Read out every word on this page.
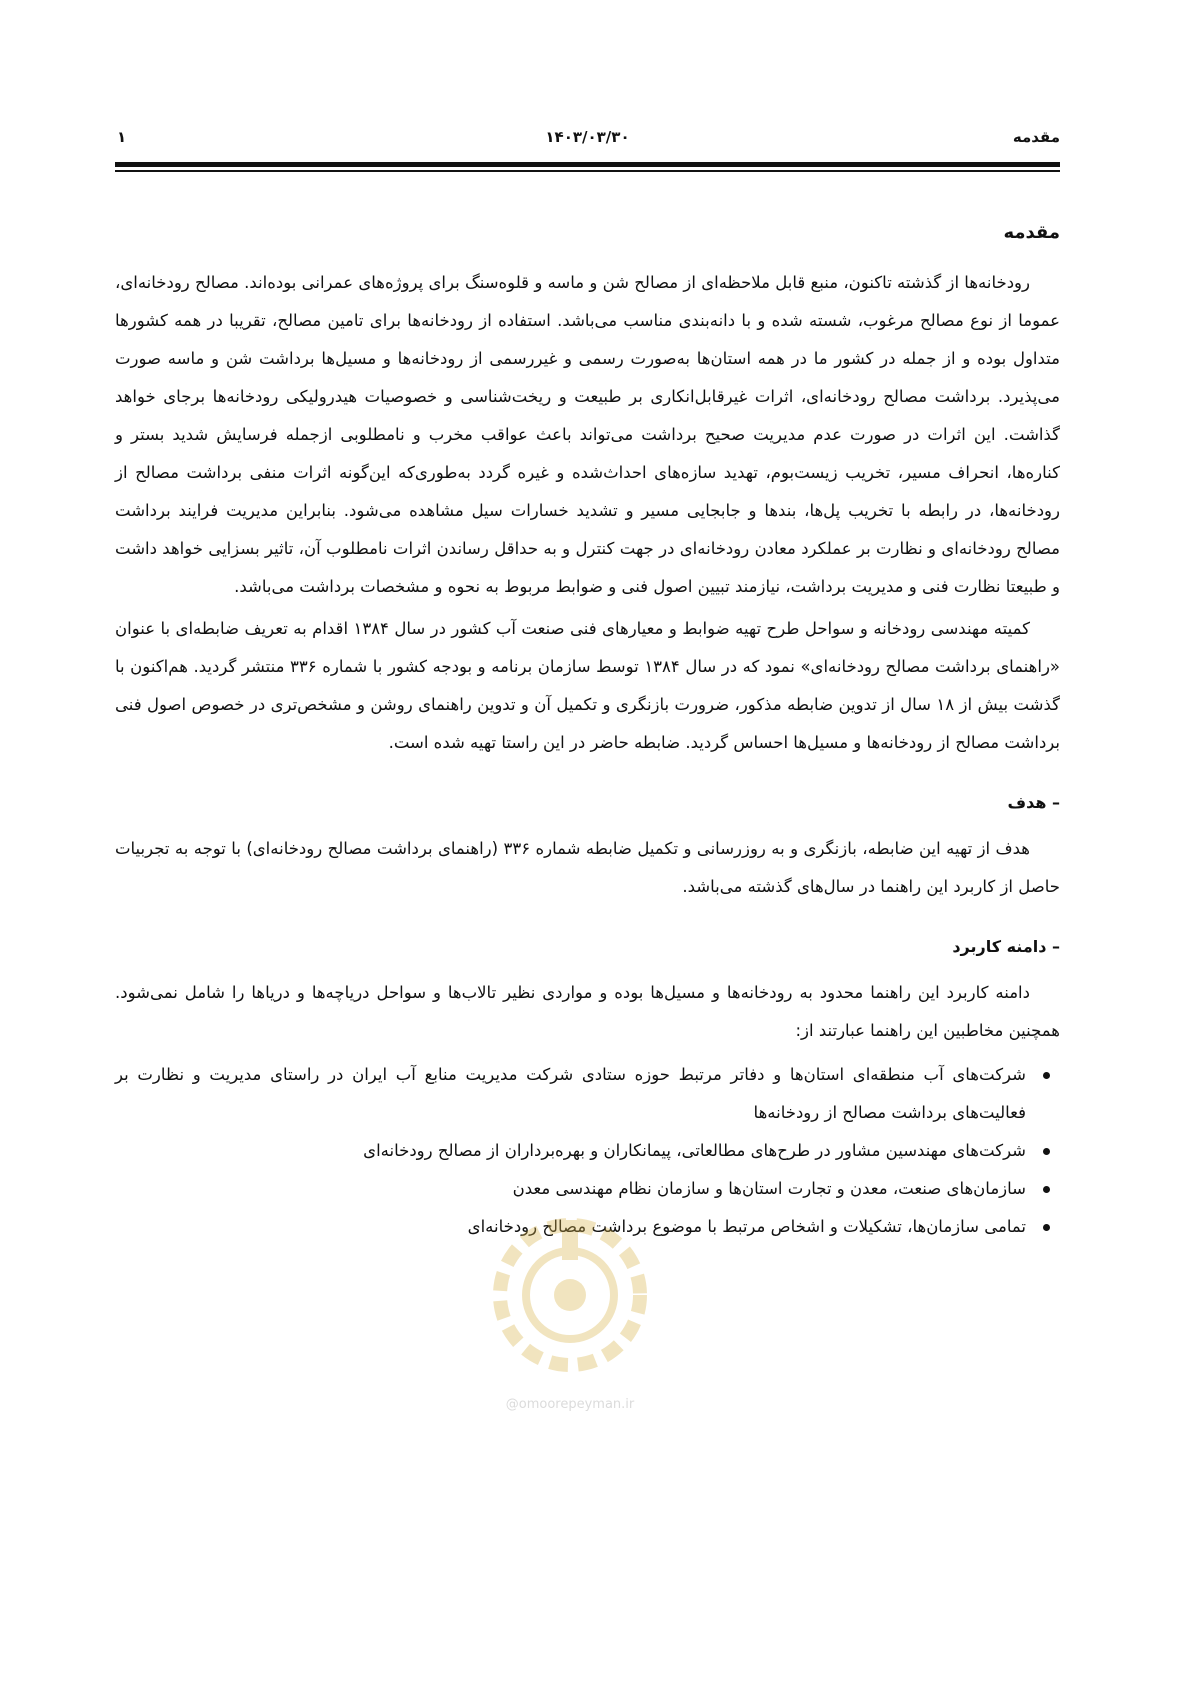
مقدمه
۱۴۰۳/۰۳/۳۰
۱
مقدمه

رودخانه‌ها از گذشته تاکنون، منبع قابل ملاحظه‌ای از مصالح شن و ماسه و قلوه‌سنگ برای پروژه‌های عمرانی بوده‌اند. مصالح رودخانه‌ای، عموما از نوع مصالح مرغوب، شسته شده و با دانه‌بندی مناسب می‌باشد. استفاده از رودخانه‌ها برای تامین مصالح، تقریبا در همه کشورها متداول بوده و از جمله در کشور ما در همه استان‌ها به‌صورت رسمی و غیررسمی از رودخانه‌ها و مسیل‌ها برداشت شن و ماسه صورت می‌پذیرد. برداشت مصالح رودخانه‌ای، اثرات غیرقابل‌انکاری بر طبیعت و ریخت‌شناسی و خصوصیات هیدرولیکی رودخانه‌ها برجای خواهد گذاشت. این اثرات در صورت عدم مدیریت صحیح برداشت می‌تواند باعث عواقب مخرب و نامطلوبی ازجمله فرسایش شدید بستر و کناره‌ها، انحراف مسیر، تخریب زیست‌بوم، تهدید سازه‌های احداث‌شده و غیره گردد به‌طوری‌که این‌گونه اثرات منفی برداشت مصالح از رودخانه‌ها، در رابطه با تخریب پل‌ها، بندها و جابجایی مسیر و تشدید خسارات سیل مشاهده می‌شود. بنابراین مدیریت فرایند برداشت مصالح رودخانه‌ای و نظارت بر عملکرد معادن رودخانه‌ای در جهت کنترل و به حداقل رساندن اثرات نامطلوب آن، تاثیر بسزایی خواهد داشت و طبیعتا نظارت فنی و مدیریت برداشت، نیازمند تبیین اصول فنی و ضوابط مربوط به نحوه و مشخصات برداشت می‌باشد.

کمیته مهندسی رودخانه و سواحل طرح تهیه ضوابط و معیارهای فنی صنعت آب کشور در سال ۱۳۸۴ اقدام به تعریف ضابطه‌ای با عنوان «راهنمای برداشت مصالح رودخانه‌ای» نمود که در سال ۱۳۸۴ توسط سازمان برنامه و بودجه کشور با شماره ۳۳۶ منتشر گردید. هم‌اکنون با گذشت بیش از ۱۸ سال از تدوین ضابطه مذکور، ضرورت بازنگری و تکمیل آن و تدوین راهنمای روشن و مشخص‌تری در خصوص اصول فنی برداشت مصالح از رودخانه‌ها و مسیل‌ها احساس گردید. ضابطه حاضر در این راستا تهیه شده است.

– هدف

هدف از تهیه این ضابطه، بازنگری و به روزرسانی و تکمیل ضابطه شماره ۳۳۶ (راهنمای برداشت مصالح رودخانه‌ای) با توجه به تجربیات حاصل از کاربرد این راهنما در سال‌های گذشته می‌باشد.

– دامنه کاربرد

دامنه کاربرد این راهنما محدود به رودخانه‌ها و مسیل‌ها بوده و مواردی نظیر تالاب‌ها و سواحل دریاچه‌ها و دریاها را شامل نمی‌شود. همچنین مخاطبین این راهنما عبارتند از:

شرکت‌های آب منطقه‌ای استان‌ها و دفاتر مرتبط حوزه ستادی شرکت مدیریت منابع آب ایران در راستای مدیریت و نظارت بر فعالیت‌های برداشت مصالح از رودخانه‌ها
شرکت‌های مهندسین مشاور در طرح‌های مطالعاتی، پیمانکاران و بهره‌برداران از مصالح رودخانه‌ای
سازمان‌های صنعت، معدن و تجارت استان‌ها و سازمان نظام مهندسی معدن
تمامی سازمان‌ها، تشکیلات و اشخاص مرتبط با موضوع برداشت مصالح رودخانه‌ای
@omoorepeyman.ir
